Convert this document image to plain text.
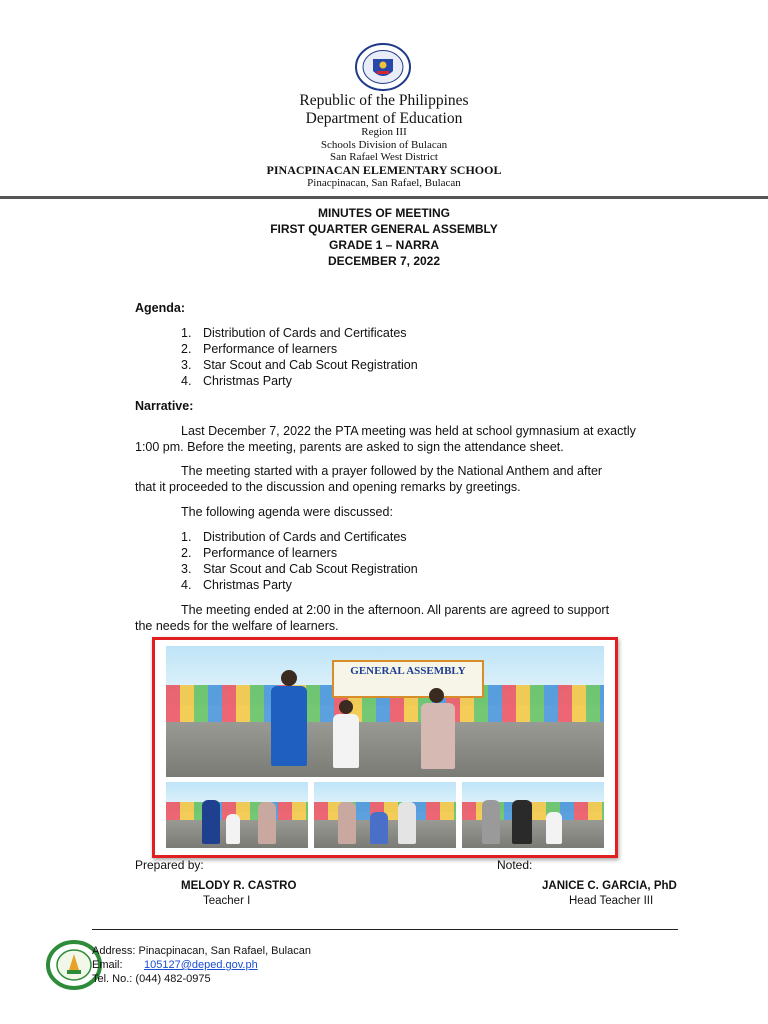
Republic of the Philippines
Department of Education
Region III
Schools Division of Bulacan
San Rafael West District
PINACPINACAN ELEMENTARY SCHOOL
Pinacpinacan, San Rafael, Bulacan
MINUTES OF MEETING
FIRST QUARTER GENERAL ASSEMBLY
GRADE 1 – NARRA
DECEMBER 7, 2022
Agenda:
1. Distribution of Cards and Certificates
2. Performance of learners
3. Star Scout and Cab Scout Registration
4. Christmas Party
Narrative:
Last December 7, 2022 the PTA meeting was held at school gymnasium at exactly
1:00 pm. Before the meeting, parents are asked to sign the attendance sheet.
The meeting started with a prayer followed by the National Anthem and after
that it proceeded to the discussion and opening remarks by greetings.
The following agenda were discussed:
1. Distribution of Cards and Certificates
2. Performance of learners
3. Star Scout and Cab Scout Registration
4. Christmas Party
The meeting ended at 2:00 in the afternoon. All parents are agreed to support
the needs for the welfare of learners.
GENERAL ASSEMBLY
Prepared by:
MELODY R. CASTRO
Teacher I
Noted:
JANICE C. GARCIA, PhD
Head Teacher III
Address: Pinacpinacan, San Rafael, Bulacan
Email: 105127@deped.gov.ph
Tel. No.: (044) 482-0975
